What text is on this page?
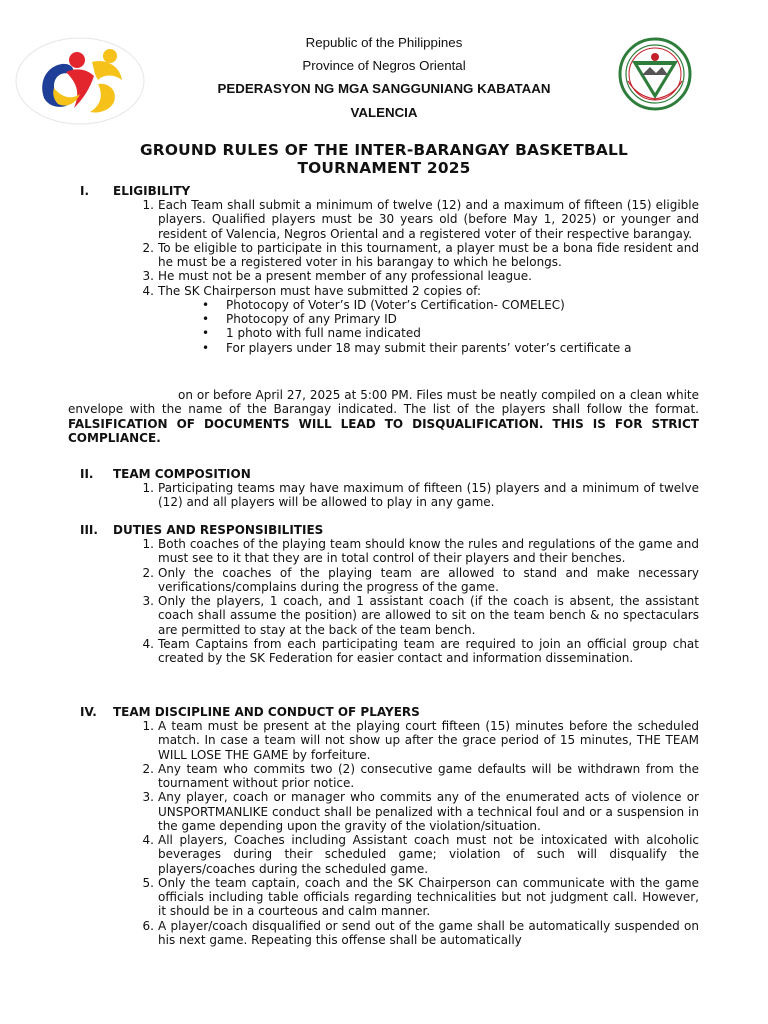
Republic of the Philippines
Province of Negros Oriental
PEDERASYON NG MGA SANGGUNIANG KABATAAN
VALENCIA
GROUND RULES OF THE INTER-BARANGAY BASKETBALL
TOURNAMENT 2025
I.	ELIGIBILITY
1. Each Team shall submit a minimum of twelve (12) and a maximum of fifteen (15) eligible players. Qualified players must be 30 years old (before May 1, 2025) or younger and resident of Valencia, Negros Oriental and a registered voter of their respective barangay.
2. To be eligible to participate in this tournament, a player must be a bona fide resident and he must be a registered voter in his barangay to which he belongs.
3. He must not be a present member of any professional league.
4. The SK Chairperson must have submitted 2 copies of:
• Photocopy of Voter’s ID (Voter’s Certification- COMELEC)
• Photocopy of any Primary ID
• 1 photo with full name indicated
• For players under 18 may submit their parents’ voter’s certificate a
on or before April 27, 2025 at 5:00 PM. Files must be neatly compiled on a clean white envelope with the name of the Barangay indicated. The list of the players shall follow the format. FALSIFICATION OF DOCUMENTS WILL LEAD TO DISQUALIFICATION. THIS IS FOR STRICT COMPLIANCE.
II.	TEAM COMPOSITION
1. Participating teams may have maximum of fifteen (15) players and a minimum of twelve (12) and all players will be allowed to play in any game.
III.	DUTIES AND RESPONSIBILITIES
1. Both coaches of the playing team should know the rules and regulations of the game and must see to it that they are in total control of their players and their benches.
2. Only the coaches of the playing team are allowed to stand and make necessary verifications/complains during the progress of the game.
3. Only the players, 1 coach, and 1 assistant coach (if the coach is absent, the assistant coach shall assume the position) are allowed to sit on the team bench & no spectaculars are permitted to stay at the back of the team bench.
4. Team Captains from each participating team are required to join an official group chat created by the SK Federation for easier contact and information dissemination.
IV.	TEAM DISCIPLINE AND CONDUCT OF PLAYERS
1. A team must be present at the playing court fifteen (15) minutes before the scheduled match. In case a team will not show up after the grace period of 15 minutes, THE TEAM WILL LOSE THE GAME by forfeiture.
2. Any team who commits two (2) consecutive game defaults will be withdrawn from the tournament without prior notice.
3. Any player, coach or manager who commits any of the enumerated acts of violence or UNSPORTMANLIKE conduct shall be penalized with a technical foul and or a suspension in the game depending upon the gravity of the violation/situation.
4. All players, Coaches including Assistant coach must not be intoxicated with alcoholic beverages during their scheduled game; violation of such will disqualify the players/coaches during the scheduled game.
5. Only the team captain, coach and the SK Chairperson can communicate with the game officials including table officials regarding technicalities but not judgment call. However, it should be in a courteous and calm manner.
6. A player/coach disqualified or send out of the game shall be automatically suspended on his next game. Repeating this offense shall be automatically
